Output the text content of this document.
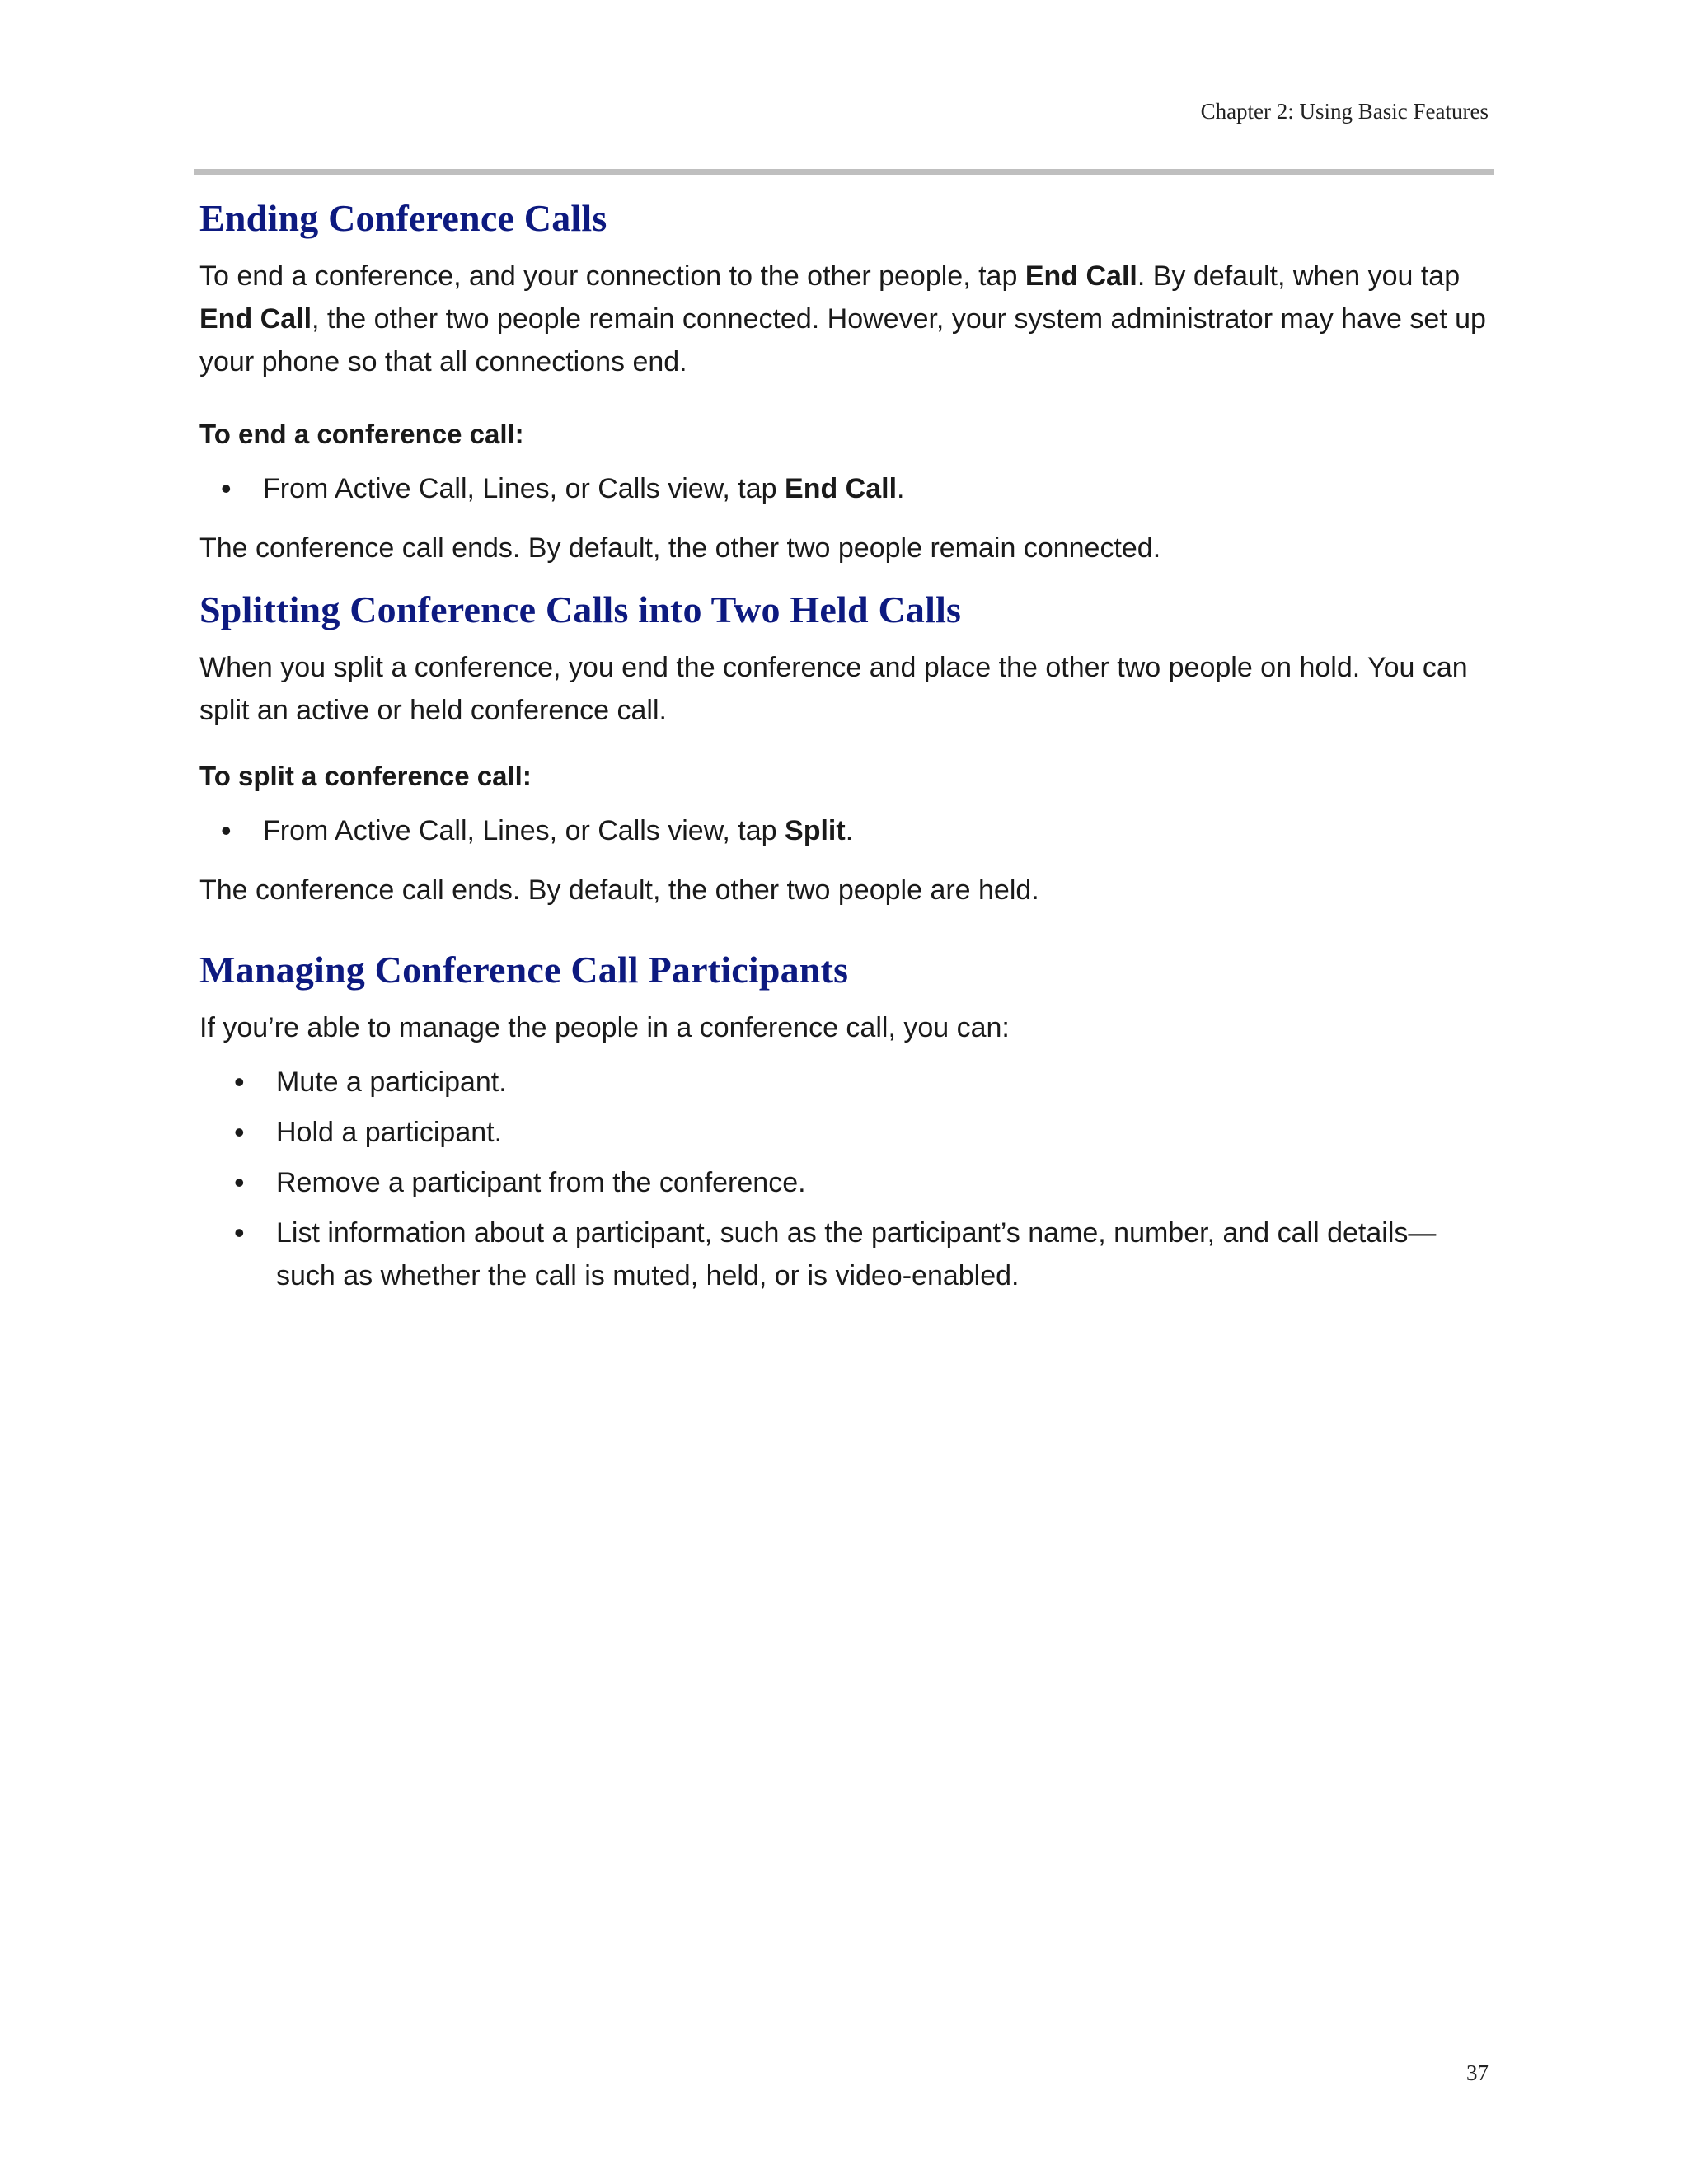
Chapter 2: Using Basic Features
Ending Conference Calls

To end a conference, and your connection to the other people, tap End Call. By default, when you tap End Call, the other two people remain connected. However, your system administrator may have set up your phone so that all connections end.

To end a conference call:
• From Active Call, Lines, or Calls view, tap End Call.

The conference call ends. By default, the other two people remain connected.

Splitting Conference Calls into Two Held Calls

When you split a conference, you end the conference and place the other two people on hold. You can split an active or held conference call.

To split a conference call:
• From Active Call, Lines, or Calls view, tap Split.

The conference call ends. By default, the other two people are held.

Managing Conference Call Participants

If you’re able to manage the people in a conference call, you can:

• Mute a participant.
• Hold a participant.
• Remove a participant from the conference.
• List information about a participant, such as the participant’s name, number, and call details—such as whether the call is muted, held, or is video-enabled.
37
